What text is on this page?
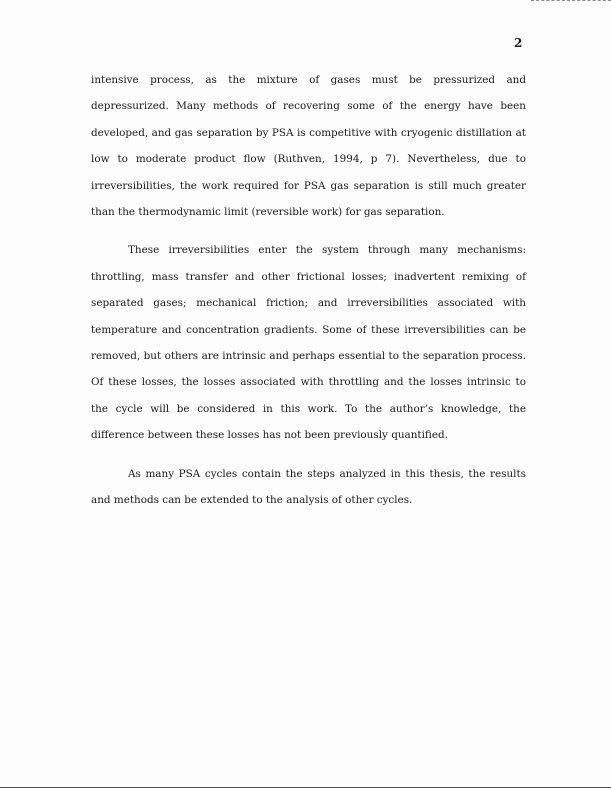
2

intensive process, as the mixture of gases must be pressurized and depressurized. Many methods of recovering some of the energy have been developed, and gas separation by PSA is competitive with cryogenic distillation at low to moderate product flow (Ruthven, 1994, p 7). Nevertheless, due to irreversibilities, the work required for PSA gas separation is still much greater than the thermodynamic limit (reversible work) for gas separation.

These irreversibilities enter the system through many mechanisms: throttling, mass transfer and other frictional losses; inadvertent remixing of separated gases; mechanical friction; and irreversibilities associated with temperature and concentration gradients. Some of these irreversibilities can be removed, but others are intrinsic and perhaps essential to the separation process. Of these losses, the losses associated with throttling and the losses intrinsic to the cycle will be considered in this work. To the author’s knowledge, the difference between these losses has not been previously quantified.

As many PSA cycles contain the steps analyzed in this thesis, the results and methods can be extended to the analysis of other cycles.
